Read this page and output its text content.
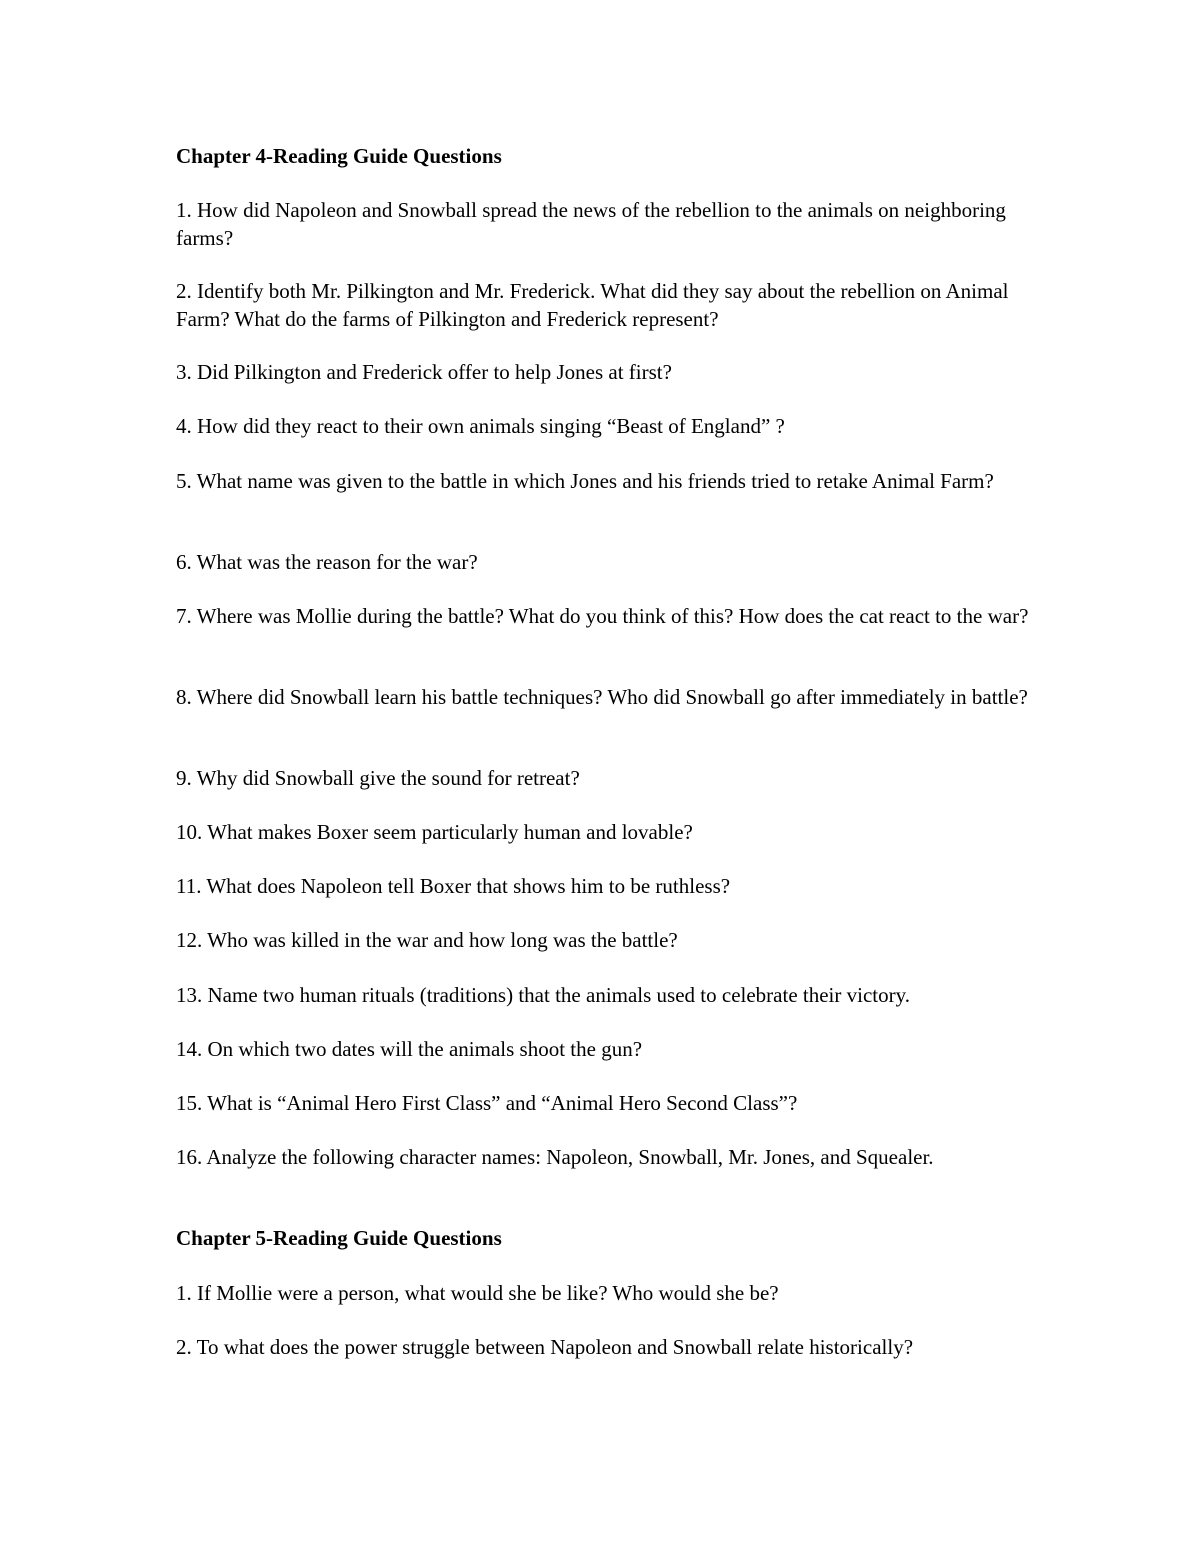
Chapter 4-Reading Guide Questions

1. How did Napoleon and Snowball spread the news of the rebellion to the animals on neighboring farms?

2. Identify both Mr. Pilkington and Mr. Frederick. What did they say about the rebellion on Animal Farm? What do the farms of Pilkington and Frederick represent?

3. Did Pilkington and Frederick offer to help Jones at first?

4. How did they react to their own animals singing “Beast of England” ?

5. What name was given to the battle in which Jones and his friends tried to retake Animal Farm?

6. What was the reason for the war?

7. Where was Mollie during the battle? What do you think of this? How does the cat react to the war?

8. Where did Snowball learn his battle techniques? Who did Snowball go after immediately in battle?

9. Why did Snowball give the sound for retreat?

10. What makes Boxer seem particularly human and lovable?

11. What does Napoleon tell Boxer that shows him to be ruthless?

12. Who was killed in the war and how long was the battle?

13. Name two human rituals (traditions) that the animals used to celebrate their victory.

14. On which two dates will the animals shoot the gun?

15. What is “Animal Hero First Class” and “Animal Hero Second Class”?

16. Analyze the following character names: Napoleon, Snowball, Mr. Jones, and Squealer.

Chapter 5-Reading Guide Questions

1. If Mollie were a person, what would she be like? Who would she be?

2. To what does the power struggle between Napoleon and Snowball relate historically?
